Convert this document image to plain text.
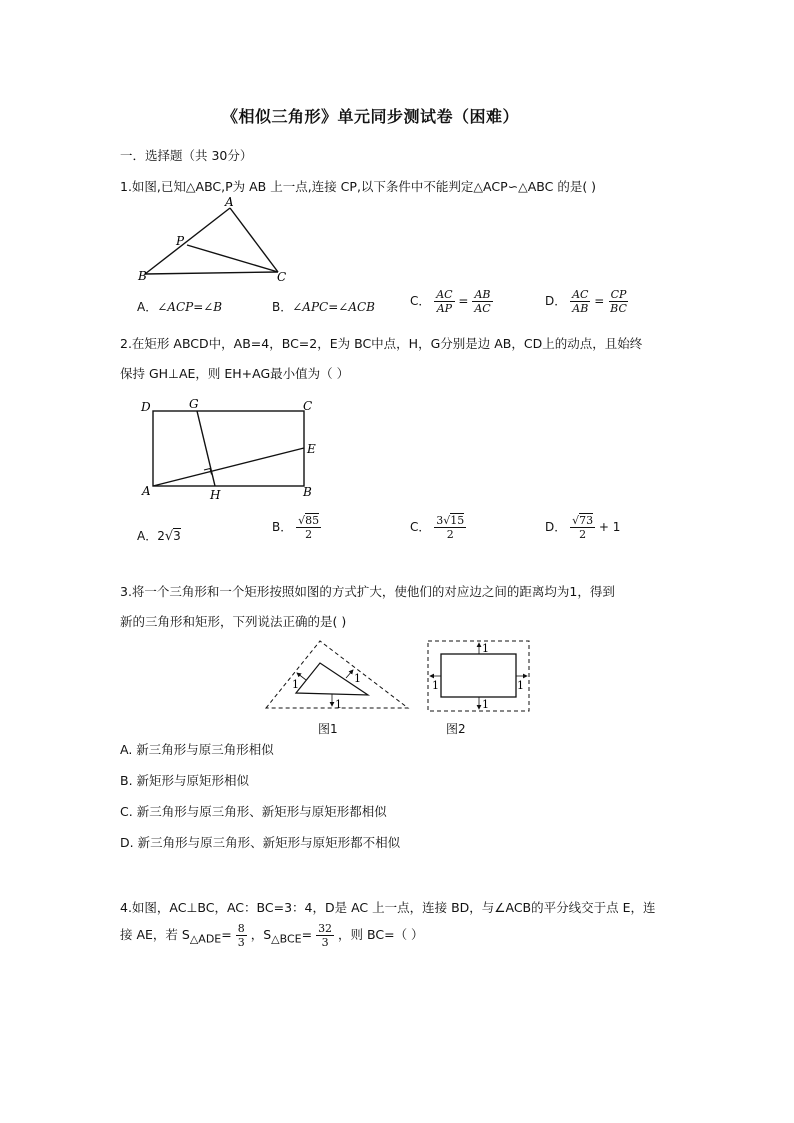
《相似三角形》单元同步测试卷（困难）
一．选择题（共 30分）
1.如图,已知△ABC,P为 AB 上一点,连接 CP,以下条件中不能判定△ACP∽△ABC 的是( )
A
P
B	C
A．∠ACP=∠B	B．∠APC=∠ACB	C． $\frac{AC}{AP} = \frac{AB}{AC}$	D． $\frac{AC}{AB} = \frac{CP}{BC}$
2.在矩形 ABCD中，AB=4，BC=2，E为 BC中点，H，G分别是边 AB，CD上的动点，且始终
保持 GH⊥AE，则 EH+AG最小值为（ ）
D	G	C
E
A	H	B
A．2√3
B． $\frac{√85}{2}$	C． $\frac{3√15}{2}$	D． $\frac{√73}{2} + 1$
3.将一个三角形和一个矩形按照如图的方式扩大，使他们的对应边之间的距离均为1，得到
新的三角形和矩形，下列说法正确的是( )
1	1
1
1
1
1	1
图1	图2
A. 新三角形与原三角形相似
B. 新矩形与原矩形相似
C. 新三角形与原三角形、新矩形与原矩形都相似
D. 新三角形与原三角形、新矩形与原矩形都不相似
4.如图，AC⊥BC，AC：BC=3：4，D是 AC 上一点，连接 BD，与∠ACB的平分线交于点 E，连
接 AE，若 $S_{\triangle ADE}= \frac{8}{3}$ ，$S_{\triangle BCE}= \frac{32}{3}$ ，则 BC=（ ）
